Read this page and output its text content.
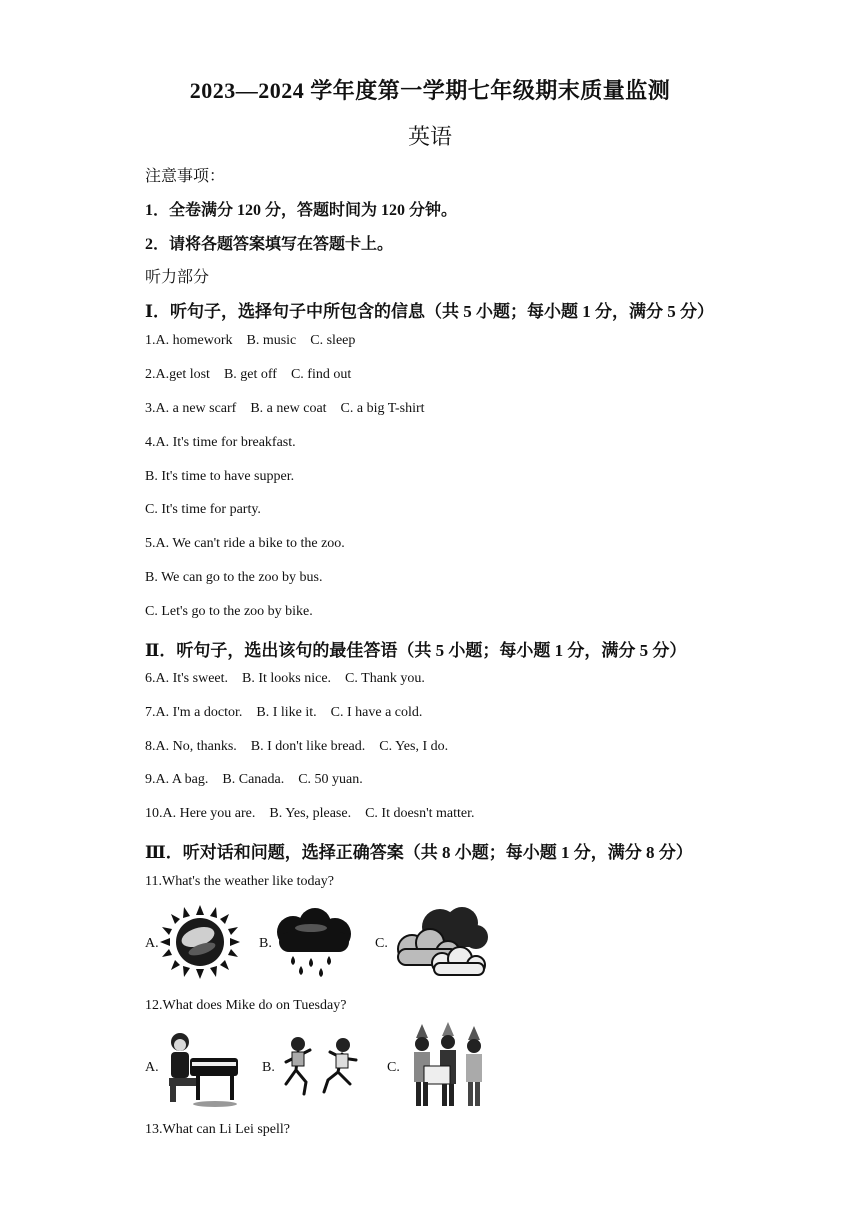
2023—2024 学年度第一学期七年级期末质量监测
英语
注意事项：
1．全卷满分 120 分，答题时间为 120 分钟。
2．请将各题答案填写在答题卡上。
听力部分
Ⅰ．听句子，选择句子中所包含的信息（共 5 小题；每小题 1 分，满分 5 分）
1.A. homework    B. music    C. sleep
2.A.get lost    B. get off    C. find out
3.A. a new scarf    B. a new coat    C. a big T-shirt
4.A. It's time for breakfast.
B. It's time to have supper.
C. It's time for party.
5.A. We can't ride a bike to the zoo.
B. We can go to the zoo by bus.
C. Let's go to the zoo by bike.
Ⅱ．听句子，选出该句的最佳答语（共 5 小题；每小题 1 分，满分 5 分）
6.A. It's sweet.    B. It looks nice.    C. Thank you.
7.A. I'm a doctor.    B. I like it.    C. I have a cold.
8.A. No, thanks.    B. I don't like bread.    C. Yes, I do.
9.A. A bag.    B. Canada.    C. 50 yuan.
10.A. Here you are.    B. Yes, please.    C. It doesn't matter.
Ⅲ．听对话和问题，选择正确答案（共 8 小题；每小题 1 分，满分 8 分）
11.What's the weather like today?
A.	B.	C.
12.What does Mike do on Tuesday?
A.	B.	C.
13.What can Li Lei spell?
